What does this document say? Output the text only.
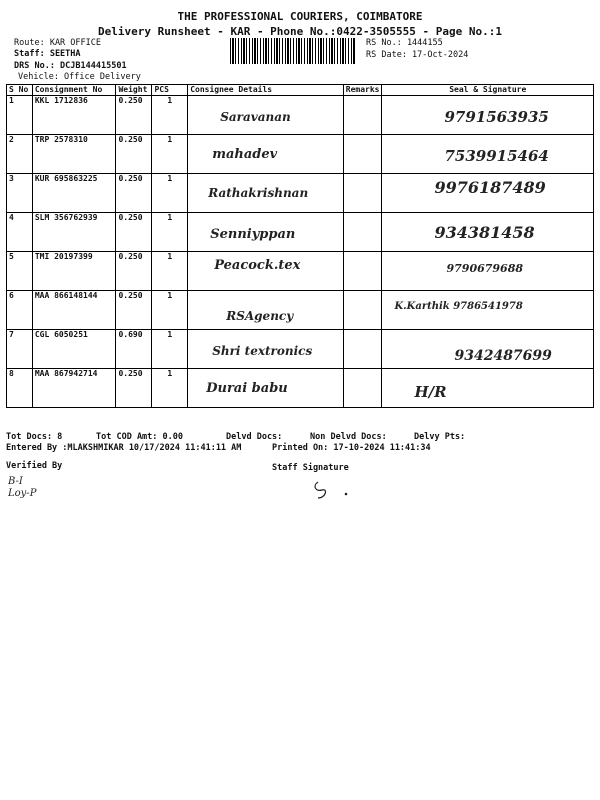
THE PROFESSIONAL COURIERS, COIMBATORE
Delivery Runsheet - KAR - Phone No.:0422-3505555 - Page No.:1
Route: KAR OFFICE
Staff: SEETHA
DRS No.: DCJB144415501
Vehicle: Office Delivery
RS No.: 1444155
RS Date: 17-Oct-2024
S No	Consignment No	Weight	PCS	Consignee Details	Remarks	Seal & Signature
1	KKL 1712836	0.250	1	Saravanan		9791563935

2	TRP 2578310	0.250	1	mahadev		7539915464

3	KUR 695863225	0.250	1	Rathakrishnan		9976187489

4	SLM 356762939	0.250	1	Senniyppan		934381458

5	TMI 20197399	0.250	1	Peacock.tex		9790679688

6	MAA 866148144	0.250	1	RSAgency		K.Karthik 9786541978

7	CGL 6050251	0.690	1	Shri textronics		9342487699

8	MAA 867942714	0.250	1	Durai babu		H/R
Tot Docs: 8	Tot COD Amt: 0.00	Delvd Docs:	Non Delvd Docs:	Delvy Pts:
Entered By :MLAKSHMIKAR 10/17/2024 11:41:11 AM	Printed On: 17-10-2024 11:41:34
Verified By	Staff Signature
B-I Loy-P
